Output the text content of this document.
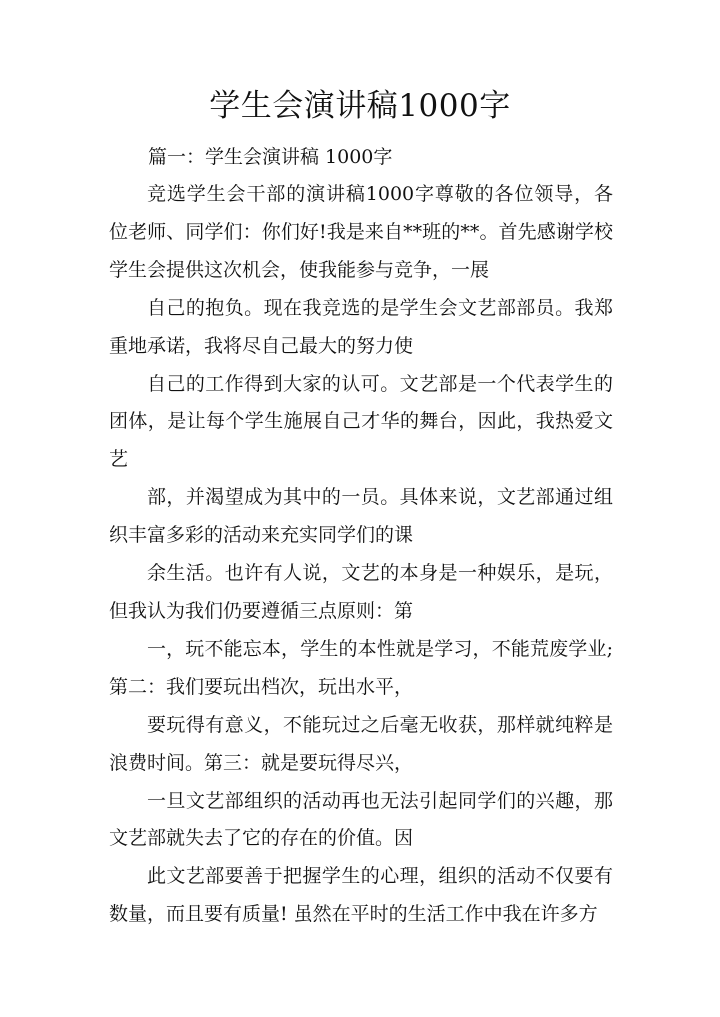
学生会演讲稿1000字
篇一：学生会演讲稿 1000字

竞选学生会干部的演讲稿1000字尊敬的各位领导，各位老师、同学们：你们好!我是来自**班的**。首先感谢学校学生会提供这次机会，使我能参与竞争，一展

自己的抱负。现在我竞选的是学生会文艺部部员。我郑重地承诺，我将尽自己最大的努力使

自己的工作得到大家的认可。文艺部是一个代表学生的团体，是让每个学生施展自己才华的舞台，因此，我热爱文艺

部，并渴望成为其中的一员。具体来说，文艺部通过组织丰富多彩的活动来充实同学们的课

余生活。也许有人说，文艺的本身是一种娱乐，是玩，但我认为我们仍要遵循三点原则：第

一，玩不能忘本，学生的本性就是学习，不能荒废学业;第二：我们要玩出档次，玩出水平，

要玩得有意义，不能玩过之后毫无收获，那样就纯粹是浪费时间。第三：就是要玩得尽兴，

一旦文艺部组织的活动再也无法引起同学们的兴趣，那文艺部就失去了它的存在的价值。因

此文艺部要善于把握学生的心理，组织的活动不仅要有数量，而且要有质量! 虽然在平时的生活工作中我在许多方
